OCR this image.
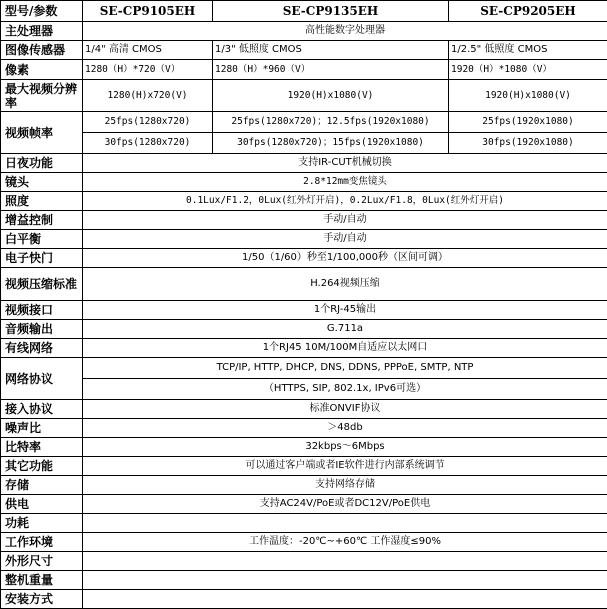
型号/参数	SE-CP9105EH	SE-CP9135EH	SE-CP9205EH
主处理器	高性能数字处理器		
图像传感器	1/4" 高清 CMOS	1/3" 低照度 CMOS	1/2.5" 低照度 CMOS
像素	1280（H）*720（V）	1280（H）*960（V）	1920（H）*1080（V）
最大视频分辨率	1280(H)x720(V)	1920(H)x1080(V)	1920(H)x1080(V)
视频帧率	25fps(1280x720)	25fps(1280x720)；12.5fps(1920x1080)	25fps(1920x1080)
	30fps(1280x720)	30fps(1280x720)；15fps(1920x1080)	30fps(1920x1080)
日夜功能	支持IR-CUT机械切换		
镜头	2.8*12mm变焦镜头		
照度	0.1Lux/F1.2，0Lux(红外灯开启)，0.2Lux/F1.8，0Lux(红外灯开启)		
增益控制	手动/自动		
白平衡	手动/自动		
电子快门	1/50（1/60）秒至1/100,000秒（区间可调）		
视频压缩标准	H.264视频压缩		
视频接口	1个RJ-45输出		
音频输出	G.711a		
有线网络	1个RJ45 10M/100M自适应以太网口		
网络协议	TCP/IP, HTTP, DHCP, DNS, DDNS, PPPoE, SMTP, NTP		
	（HTTPS, SIP, 802.1x, IPv6可选）		
接入协议	标准ONVIF协议		
噪声比	＞48db		
比特率	32kbps～6Mbps		
其它功能	可以通过客户端或者IE软件进行内部系统调节		
存储	支持网络存储		
供电	支持AC24V/PoE或者DC12V/PoE供电		
功耗			
工作环境	工作温度：-20℃~+60℃ 工作湿度≤90%		
外形尺寸			
整机重量			
安装方式			
